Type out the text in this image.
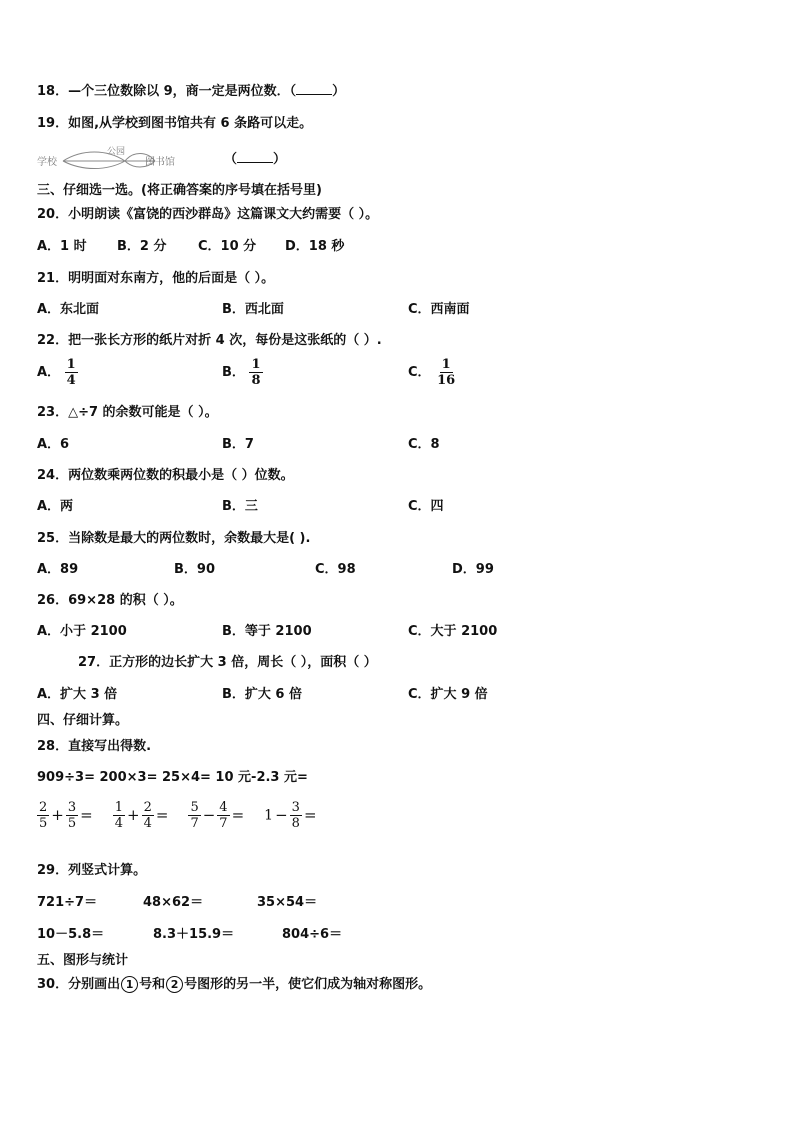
18．—个三位数除以 9，商一定是两位数．（	）
19．如图,从学校到图书馆共有 6 条路可以走。
学校
公园
图书馆	（	）
三、仔细选一选。(将正确答案的序号填在括号里)
20．小明朗读《富饶的西沙群岛》这篇课文大约需要（ ）。
A．1 时 B．2 分 C．10 分 D．18 秒
21．明明面对东南方，他的后面是（ ）。
A．东北面	B．西北面	C．西南面
22．把一张长方形的纸片对折 4 次，每份是这张纸的（ ）.
A． $\frac{1}{4}$	B． $\frac{1}{8}$	C． $\frac{1}{16}$
23．△÷7 的余数可能是（ ）。
A．6	B．7	C．8
24．两位数乘两位数的积最小是（ ）位数。
A．两	B．三	C．四
25．当除数是最大的两位数时，余数最大是( ).
A．89	B．90	C．98	D．99
26．69×28 的积（ ）。
A．小于 2100	B．等于 2100	C．大于 2100
27．正方形的边长扩大 3 倍，周长（ ），面积（ ）
A．扩大 3 倍	B．扩大 6 倍	C．扩大 9 倍
四、仔细计算。
28．直接写出得数.
909÷3= 200×3= 25×4= 10 元-2.3 元=
$\frac{2}{5} + \frac{3}{5} = \frac{1}{4} + \frac{2}{4} = \frac{5}{7} - \frac{4}{7} = 1 - \frac{3}{8}$ =
29．列竖式计算。
721÷7＝	48×62＝	35×54＝
10－5.8＝	8.3＋15.9＝	804÷6＝
五、图形与统计
30．分别画出 1 号和 2 号图形的另一半，使它们成为轴对称图形。
